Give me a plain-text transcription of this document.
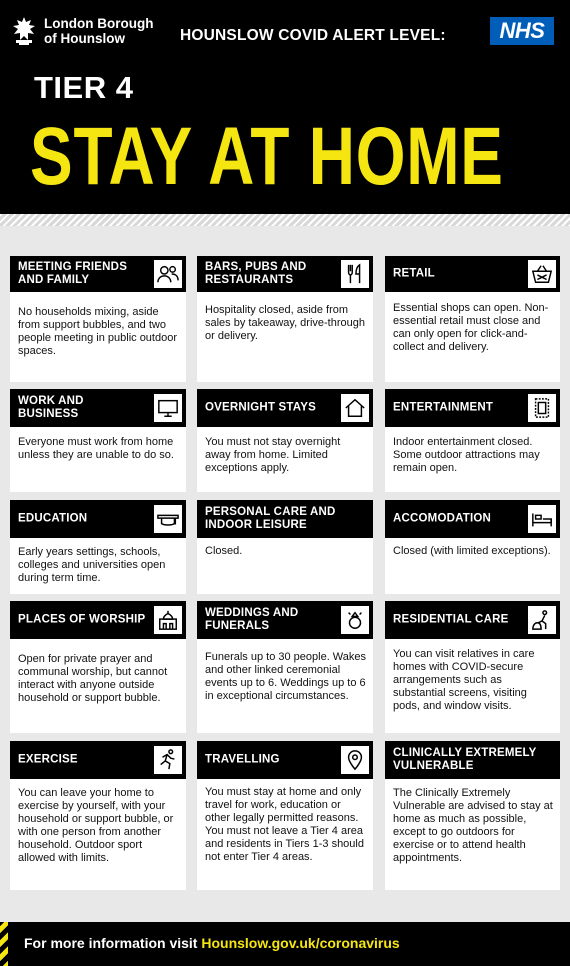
London Borough
of Hounslow	HOUNSLOW COVID ALERT LEVEL:	NHS
TIER 4
STAY AT HOME
MEETING FRIENDS AND FAMILY
No households mixing, aside from support bubbles, and two people meeting in public outdoor spaces.
BARS, PUBS AND RESTAURANTS
Hospitality closed, aside from sales by takeaway, drive-through or delivery.
RETAIL
Essential shops can open. Non-essential retail must close and can only open for click-and-collect and delivery.
WORK AND BUSINESS
Everyone must work from home unless they are unable to do so.
OVERNIGHT STAYS
You must not stay overnight away from home. Limited exceptions apply.
ENTERTAINMENT
Indoor entertainment closed. Some outdoor attractions may remain open.
EDUCATION
Early years settings, schools, colleges and universities open during term time.
PERSONAL CARE AND INDOOR LEISURE
Closed.
ACCOMODATION
Closed (with limited exceptions).
PLACES OF WORSHIP
Open for private prayer and communal worship, but cannot interact with anyone outside household or support bubble.
WEDDINGS AND FUNERALS
Funerals up to 30 people. Wakes and other linked ceremonial events up to 6. Weddings up to 6 in exceptional circumstances.
RESIDENTIAL CARE
You can visit relatives in care homes with COVID-secure arrangements such as substantial screens, visiting pods, and window visits.
EXERCISE
You can leave your home to exercise by yourself, with your household or support bubble, or with one person from another household. Outdoor sport allowed with limits.
TRAVELLING
You must stay at home and only travel for work, education or other legally permitted reasons. You must not leave a Tier 4 area and residents in Tiers 1-3 should not enter Tier 4 areas.
CLINICALLY EXTREMELY VULNERABLE
The Clinically Extremely Vulnerable are advised to stay at home as much as possible, except to go outdoors for exercise or to attend health appointments.
For more information visit Hounslow.gov.uk/coronavirus
